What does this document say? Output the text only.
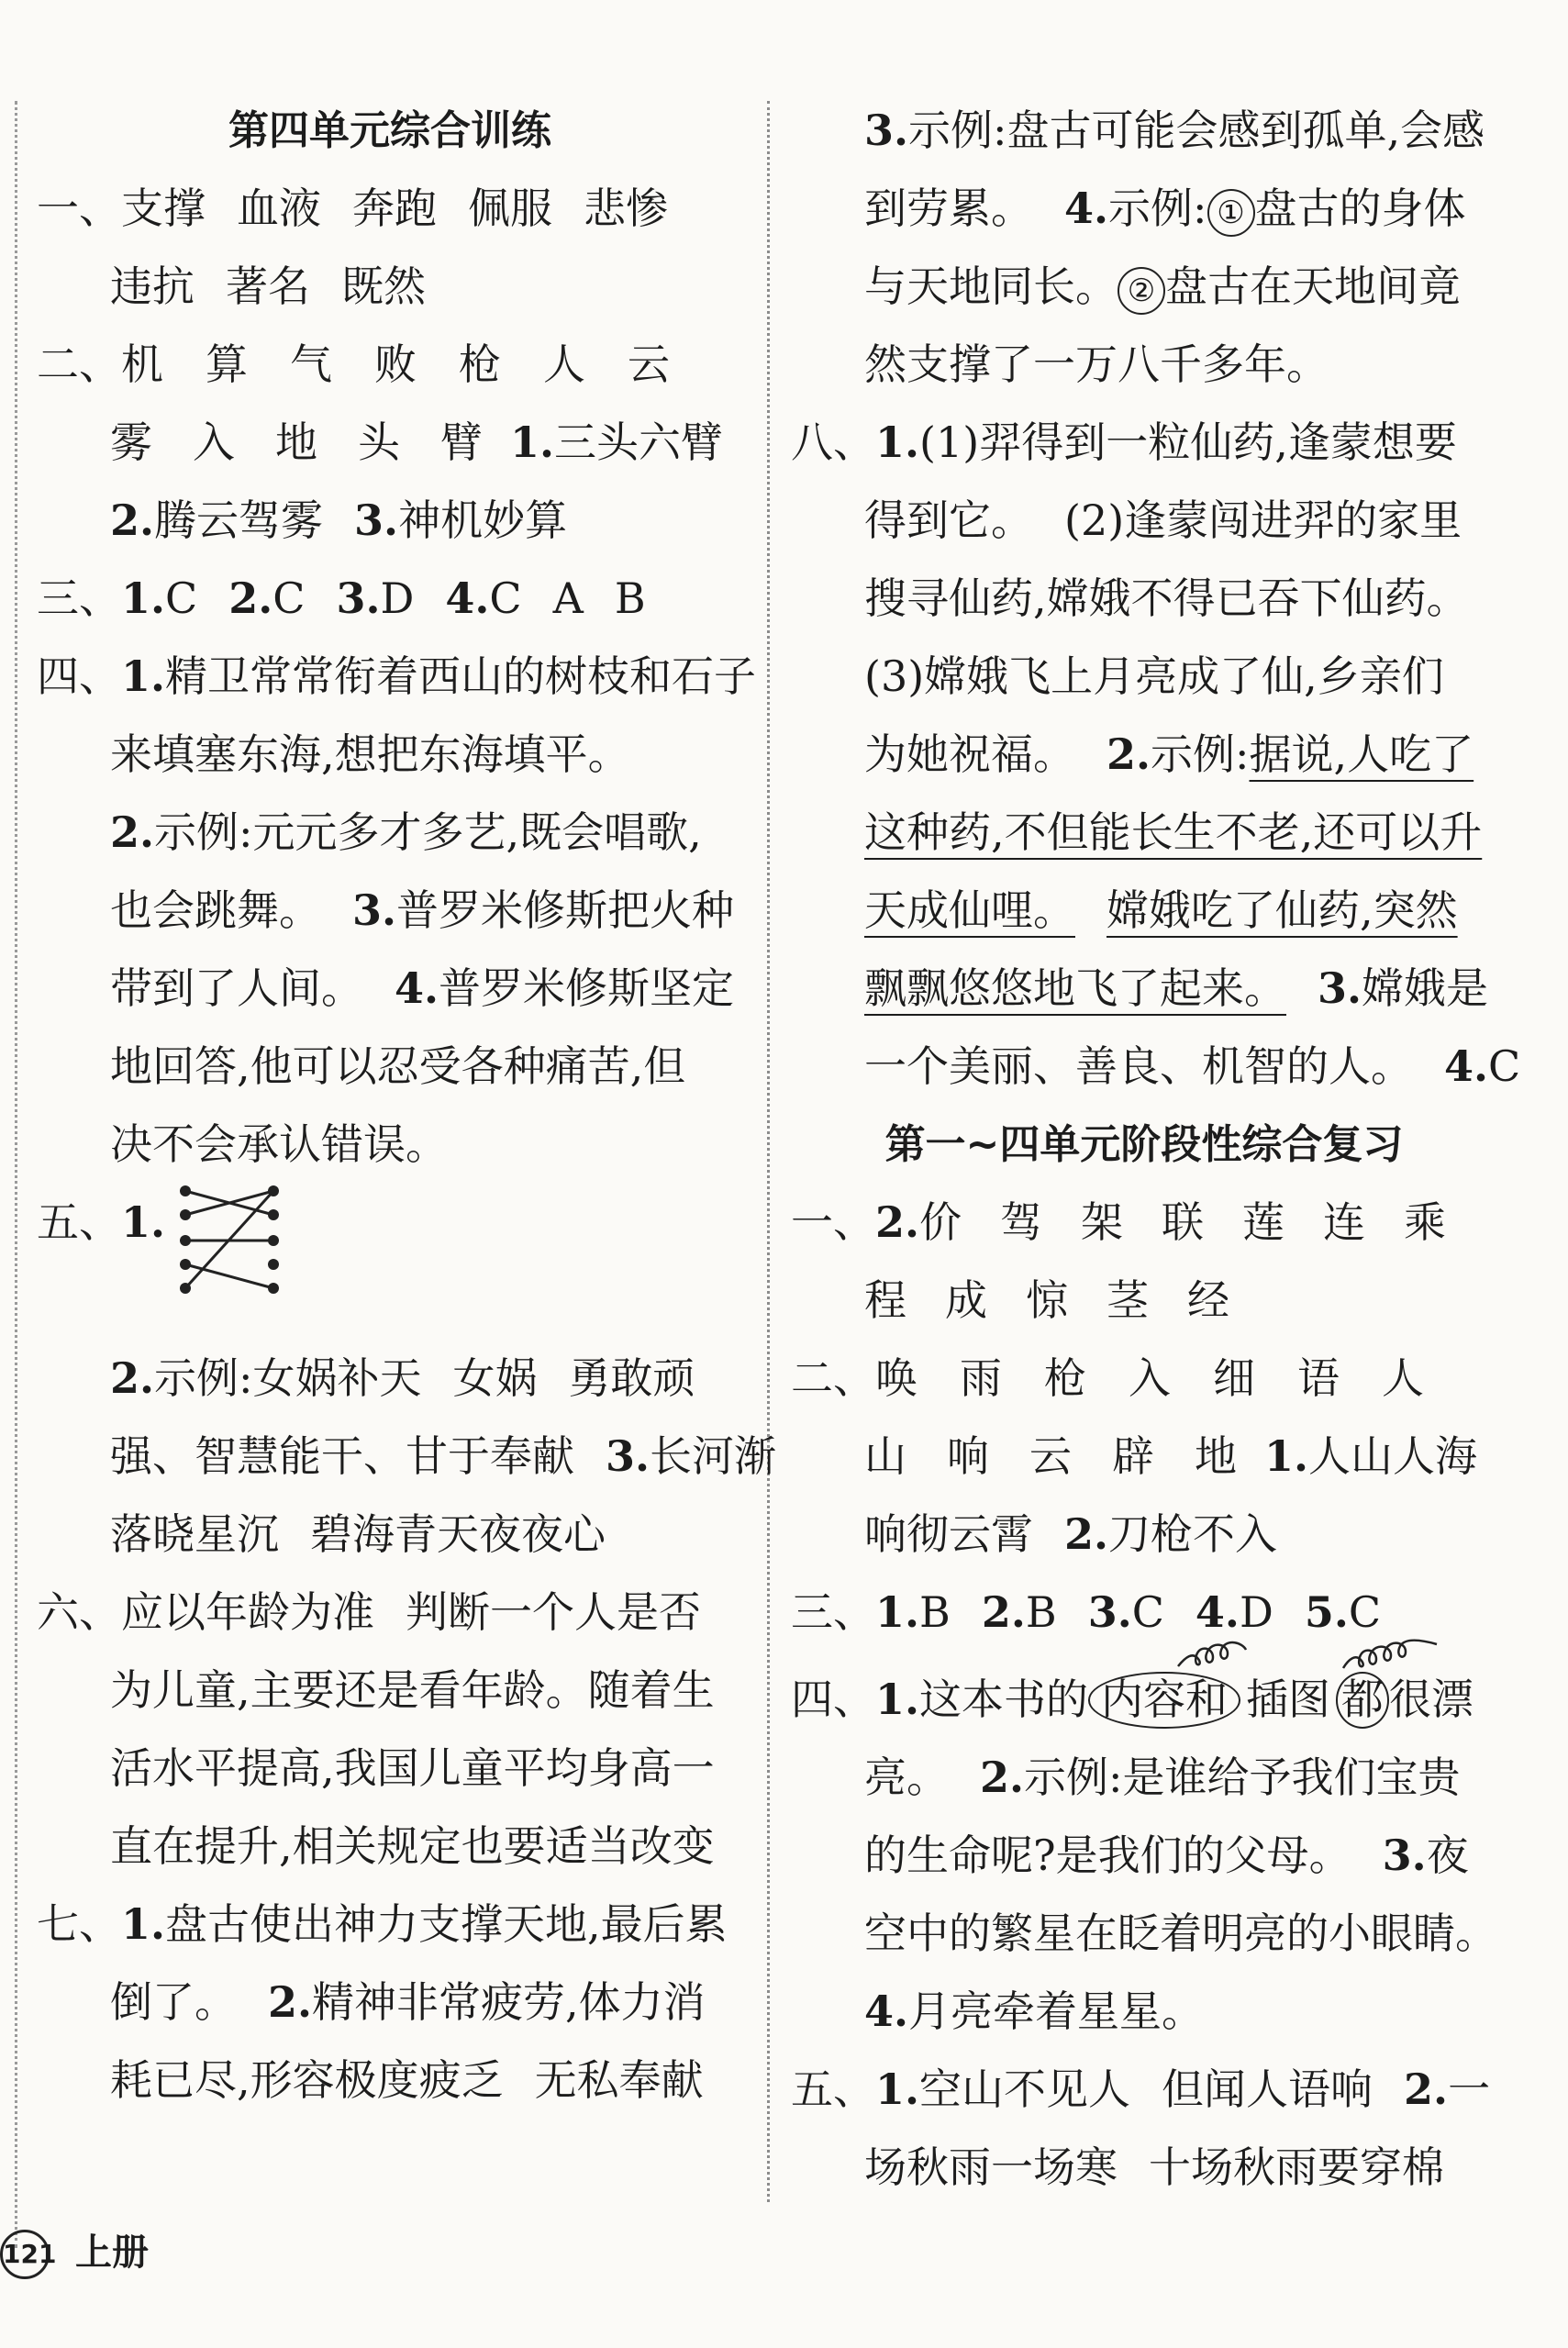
第四单元综合训练
一、支撑 血液 奔跑 佩服 悲惨
违抗 著名 既然
二、机 算 气 败 枪 人 云
雾 入 地 头 臂 1.三头六臂
2.腾云驾雾 3.神机妙算
三、1.C 2.C 3.D 4.C A B
四、1.精卫常常衔着西山的树枝和石子
来填塞东海,想把东海填平。
2.示例:元元多才多艺,既会唱歌,
也会跳舞。 3.普罗米修斯把火种
带到了人间。 4.普罗米修斯坚定
地回答,他可以忍受各种痛苦,但
决不会承认错误。
五、1.
2.示例:女娲补天 女娲 勇敢顽
强、智慧能干、甘于奉献 3.长河渐
落晓星沉 碧海青天夜夜心
六、应以年龄为准 判断一个人是否
为儿童,主要还是看年龄。随着生
活水平提高,我国儿童平均身高一
直在提升,相关规定也要适当改变
七、1.盘古使出神力支撑天地,最后累
倒了。 2.精神非常疲劳,体力消
耗已尽,形容极度疲乏 无私奉献
3.示例:盘古可能会感到孤单,会感
到劳累。 4.示例: ① 盘古的身体
与天地同长。 ② 盘古在天地间竟
然支撑了一万八千多年。
八、1.(1)羿得到一粒仙药,逢蒙想要
得到它。 (2)逢蒙闯进羿的家里
搜寻仙药,嫦娥不得已吞下仙药。
(3)嫦娥飞上月亮成了仙,乡亲们
为她祝福。 2.示例:据说,人吃了
这种药,不但能长生不老,还可以升
天成仙哩。 嫦娥吃了仙药,突然
飘飘悠悠地飞了起来。 3.嫦娥是
一个美丽、善良、机智的人。 4.C
第一~四单元阶段性综合复习
一、2.价 驾 架 联 莲 连 乘
程 成 惊 茎 经
二、唤 雨 枪 入 细 语 人
山 响 云 辟 地 1.人山人海
响彻云霄 2.刀枪不入
三、1.B 2.B 3.C 4.D 5.C
四、1.这本书的 内容和 插图 都 很漂
亮。 2.示例:是谁给予我们宝贵
的生命呢?是我们的父母。 3.夜
空中的繁星在眨着明亮的小眼睛。
4.月亮牵着星星。
五、1.空山不见人 但闻人语响 2.一
场秋雨一场寒 十场秋雨要穿棉
121 上册
